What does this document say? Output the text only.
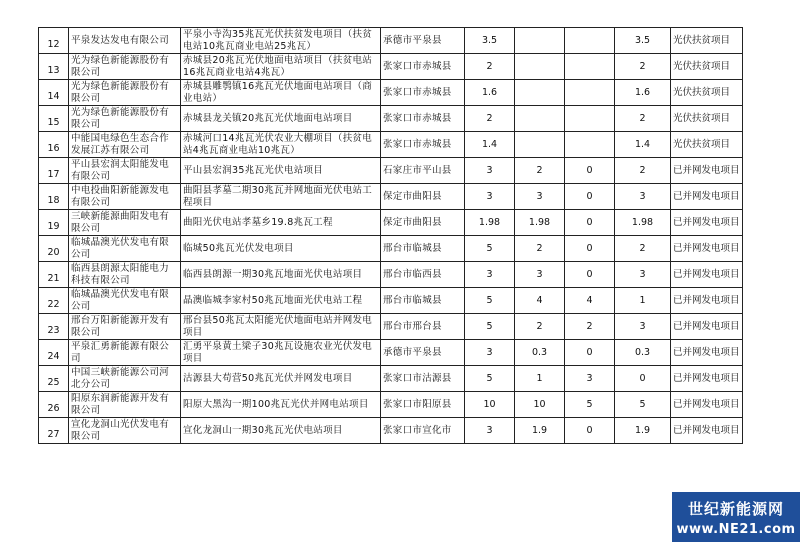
12	平泉发达发电有限公司	平泉小寺沟35兆瓦光伏扶贫发电项目（扶贫电站10兆瓦商业电站25兆瓦）	承德市平泉县	3.5			3.5	光伏扶贫项目
13	光为绿色新能源股份有限公司	赤城县20兆瓦光伏地面电站项目（扶贫电站16兆瓦商业电站4兆瓦）	张家口市赤城县	2			2	光伏扶贫项目
14	光为绿色新能源股份有限公司	赤城县雕鹗镇16兆瓦光伏地面电站项目（商业电站）	张家口市赤城县	1.6			1.6	光伏扶贫项目
15	光为绿色新能源股份有限公司	赤城县龙关镇20兆瓦光伏地面电站项目	张家口市赤城县	2			2	光伏扶贫项目
16	中能国电绿色生态合作发展江苏有限公司	赤城河口14兆瓦光伏农业大棚项目（扶贫电站4兆瓦商业电站10兆瓦）	张家口市赤城县	1.4			1.4	光伏扶贫项目
17	平山县宏润太阳能发电有限公司	平山县宏润35兆瓦光伏电站项目	石家庄市平山县	3	2	0	2	已并网发电项目
18	中电投曲阳新能源发电有限公司	曲阳县孝墓二期30兆瓦并网地面光伏电站工程项目	保定市曲阳县	3	3	0	3	已并网发电项目
19	三峡新能源曲阳发电有限公司	曲阳光伏电站孝墓乡19.8兆瓦工程	保定市曲阳县	1.98	1.98	0	1.98	已并网发电项目
20	临城晶澳光伏发电有限公司	临城50兆瓦光伏发电项目	邢台市临城县	5	2	0	2	已并网发电项目
21	临西县朗源太阳能电力科技有限公司	临西县朗源一期30兆瓦地面光伏电站项目	邢台市临西县	3	3	0	3	已并网发电项目
22	临城晶澳光伏发电有限公司	晶澳临城李家村50兆瓦地面光伏电站工程	邢台市临城县	5	4	4	1	已并网发电项目
23	邢台万阳新能源开发有限公司	邢台县50兆瓦太阳能光伏地面电站并网发电项目	邢台市邢台县	5	2	2	3	已并网发电项目
24	平泉汇勇新能源有限公司	汇勇平泉黄土梁子30兆瓦设施农业光伏发电项目	承德市平泉县	3	0.3	0	0.3	已并网发电项目
25	中国三峡新能源公司河北分公司	沽源县大苟营50兆瓦光伏并网发电项目	张家口市沽源县	5	1	3	0	已并网发电项目
26	阳原东润新能源开发有限公司	阳原大黑沟一期100兆瓦光伏并网电站项目	张家口市阳原县	10	10	5	5	已并网发电项目
27	宣化龙洞山光伏发电有限公司	宣化龙洞山一期30兆瓦光伏电站项目	张家口市宣化市	3	1.9	0	1.9	已并网发电项目
世纪新能源网
www.NE21.com
